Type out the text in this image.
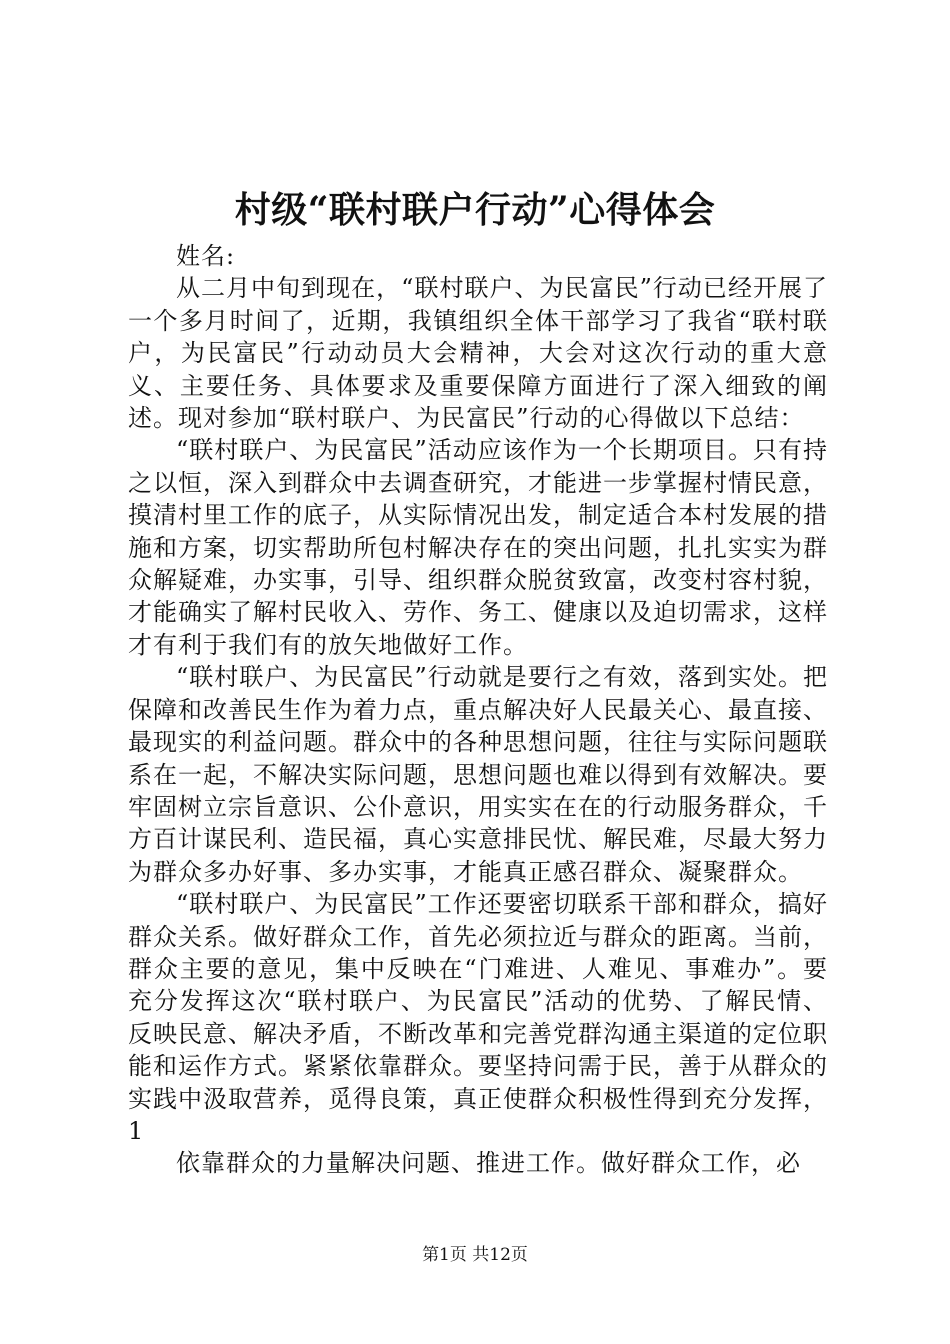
村级“联村联户行动”心得体会

姓名:

从二月中旬到现在，“联村联户、为民富民”行动已经开展了一个多月时间了，近期，我镇组织全体干部学习了我省“联村联户，为民富民”行动动员大会精神，大会对这次行动的重大意义、主要任务、具体要求及重要保障方面进行了深入细致的阐述。现对参加“联村联户、为民富民”行动的心得做以下总结：

“联村联户、为民富民”活动应该作为一个长期项目。只有持之以恒，深入到群众中去调查研究，才能进一步掌握村情民意，摸清村里工作的底子，从实际情况出发，制定适合本村发展的措施和方案，切实帮助所包村解决存在的突出问题，扎扎实实为群众解疑难，办实事，引导、组织群众脱贫致富，改变村容村貌，才能确实了解村民收入、劳作、务工、健康以及迫切需求，这样才有利于我们有的放矢地做好工作。

“联村联户、为民富民”行动就是要行之有效，落到实处。把保障和改善民生作为着力点，重点解决好人民最关心、最直接、最现实的利益问题。群众中的各种思想问题，往往与实际问题联系在一起，不解决实际问题，思想问题也难以得到有效解决。要牢固树立宗旨意识、公仆意识，用实实在在的行动服务群众，千方百计谋民利、造民福，真心实意排民忧、解民难，尽最大努力为群众多办好事、多办实事，才能真正感召群众、凝聚群众。

“联村联户、为民富民”工作还要密切联系干部和群众，搞好群众关系。做好群众工作，首先必须拉近与群众的距离。当前，群众主要的意见，集中反映在“门难进、人难见、事难办”。要充分发挥这次“联村联户、为民富民”活动的优势、了解民情、反映民意、解决矛盾，不断改革和完善党群沟通主渠道的定位职能和运作方式。紧紧依靠群众。要坚持问需于民，善于从群众的实践中汲取营养，觅得良策，真正使群众积极性得到充分发挥，1

依靠群众的力量解决问题、推进工作。做好群众工作，必

第1页 共12页
